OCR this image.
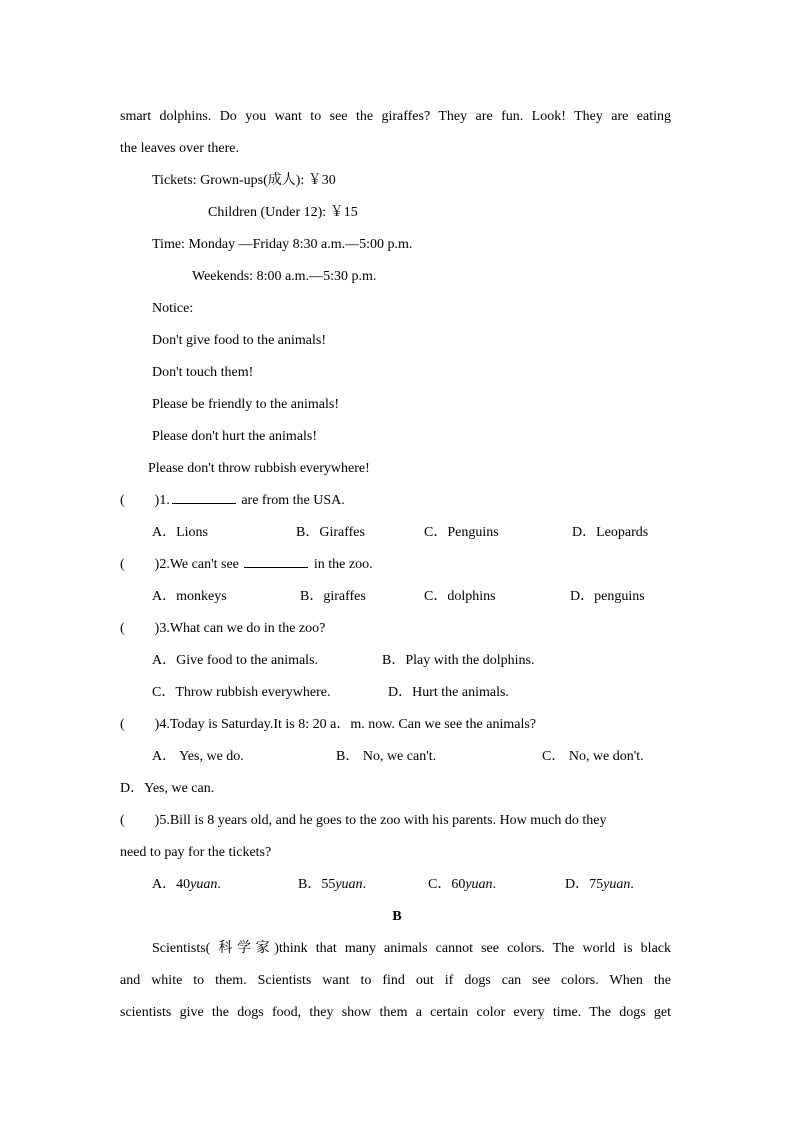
smart dolphins. Do you want to see the giraffes? They are fun. Look! They are eating
the leaves over there.
Tickets: Grown-ups(成人): ￥30
Children (Under 12): ￥15
Time: Monday —Friday 8:30 a.m.—5:00 p.m.
Weekends: 8:00 a.m.—5:30 p.m.
Notice:
Don't give food to the animals!
Don't touch them!
Please be friendly to the animals!
Please don't hurt the animals!
Please don't throw rubbish everywhere!
( )1.	are from the USA.
A．Lions	B．Giraffes	C．Penguins	D．Leopards
( )2.We can't see	in the zoo.
A．monkeys	B．giraffes	C．dolphins	D．penguins
( )3.What can we do in the zoo?
A．Give food to the animals.	B．Play with the dolphins.
C．Throw rubbish everywhere.	D．Hurt the animals.
( )4.Today is Saturday.It is 8: 20 a．m. now. Can we see the animals?
A． Yes, we do.	B． No, we can't.	C． No, we don't.
D．Yes, we can.
( )5.Bill is 8 years old, and he goes to the zoo with his parents. How much do they
need to pay for the tickets?
A．40yuan.	B．55yuan.	C．60yuan.	D．75yuan.
B
Scientists( 科学家)think that many animals cannot see colors. The world is black
and white to them. Scientists want to find out if dogs can see colors. When the
scientists give the dogs food, they show them a certain color every time. The dogs get
